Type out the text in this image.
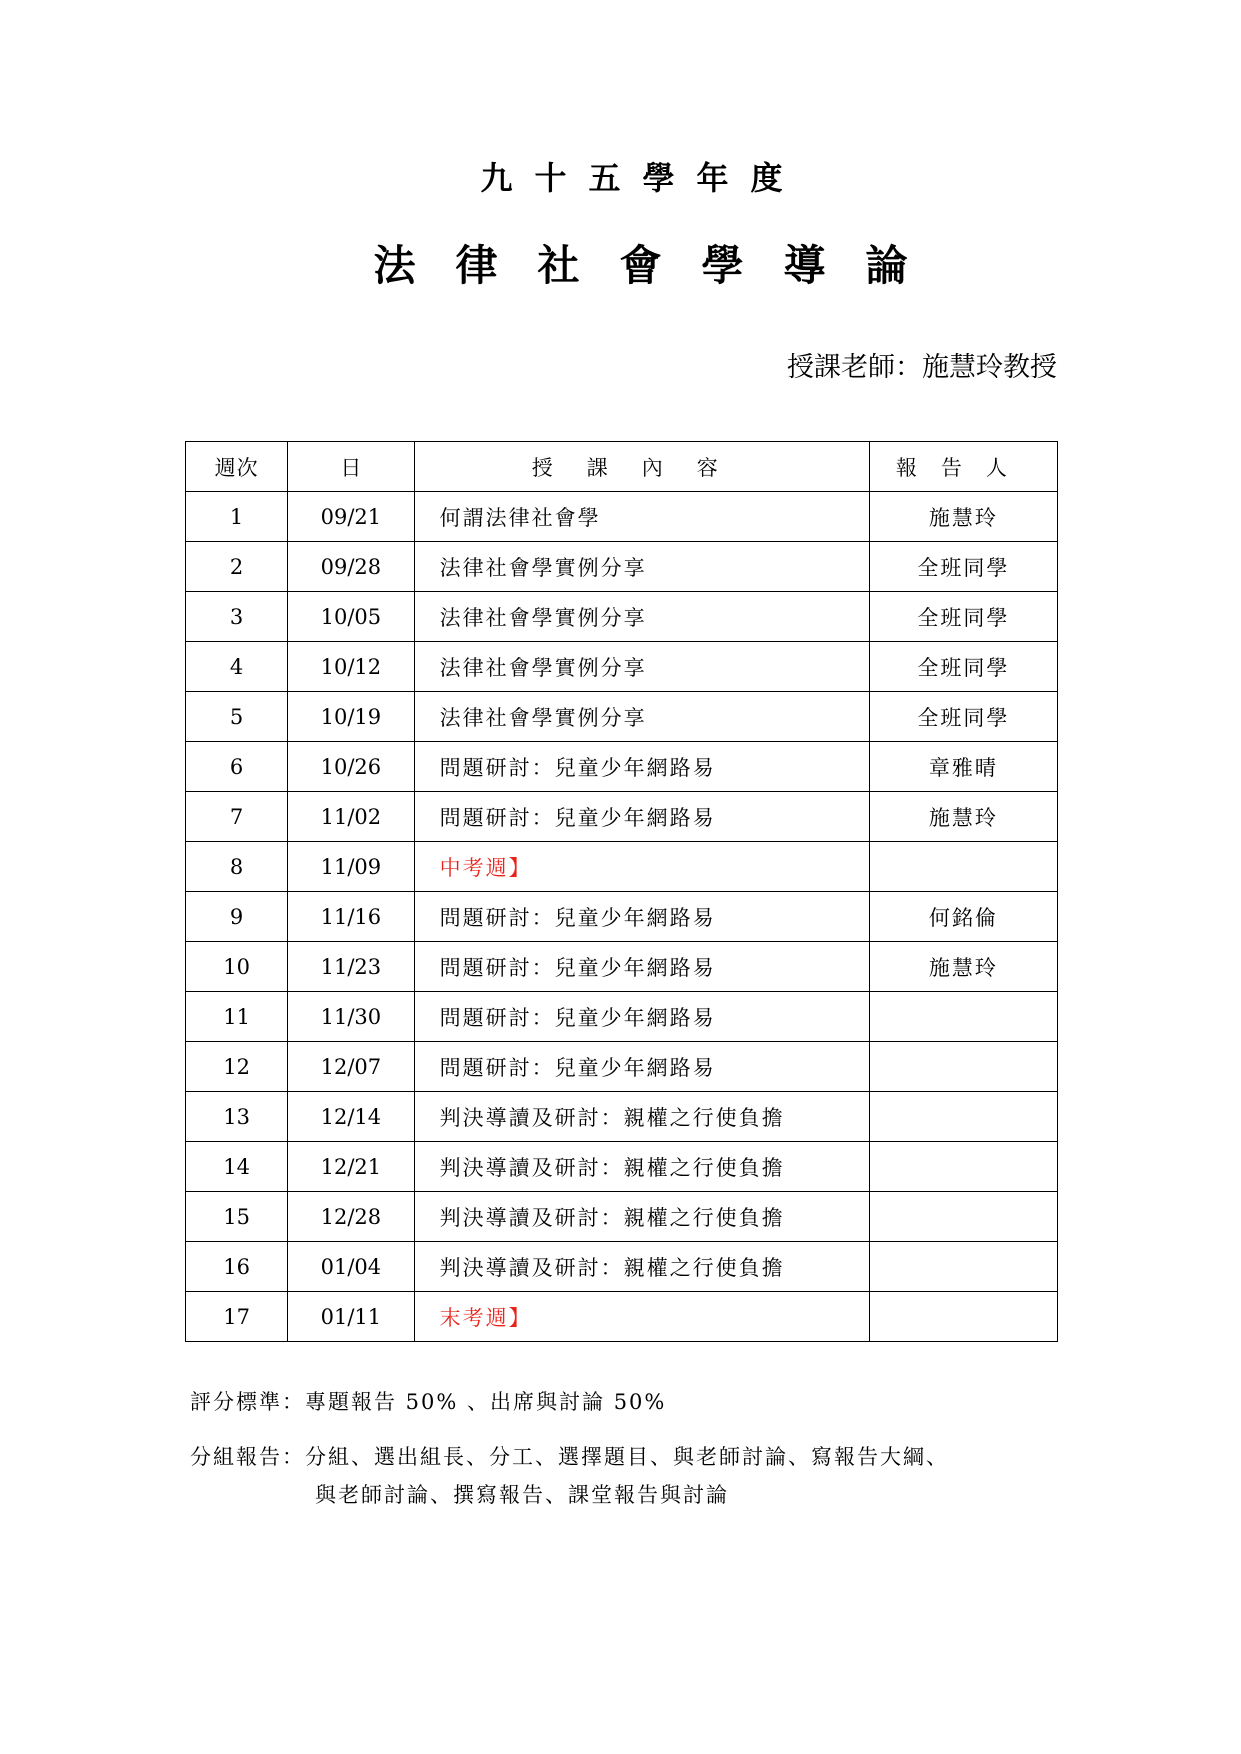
九十五學年度
法律社會學導論
授課老師：施慧玲教授
週次	日	授課內容	報告人
1	09/21	何謂法律社會學	施慧玲
2	09/28	法律社會學實例分享	全班同學
3	10/05	法律社會學實例分享	全班同學
4	10/12	法律社會學實例分享	全班同學
5	10/19	法律社會學實例分享	全班同學
6	10/26	問題研討：兒童少年網路易	章雅晴
7	11/02	問題研討：兒童少年網路易	施慧玲
8	11/09	中考週】	
9	11/16	問題研討：兒童少年網路易	何銘倫
10	11/23	問題研討：兒童少年網路易	施慧玲
11	11/30	問題研討：兒童少年網路易	
12	12/07	問題研討：兒童少年網路易	
13	12/14	判決導讀及研討：親權之行使負擔	
14	12/21	判決導讀及研討：親權之行使負擔	
15	12/28	判決導讀及研討：親權之行使負擔	
16	01/04	判決導讀及研討：親權之行使負擔	
17	01/11	末考週】	
評分標準：專題報告 50% 、出席與討論 50%
分組報告：分組、選出組長、分工、選擇題目、與老師討論、寫報告大綱、
與老師討論、撰寫報告、課堂報告與討論
